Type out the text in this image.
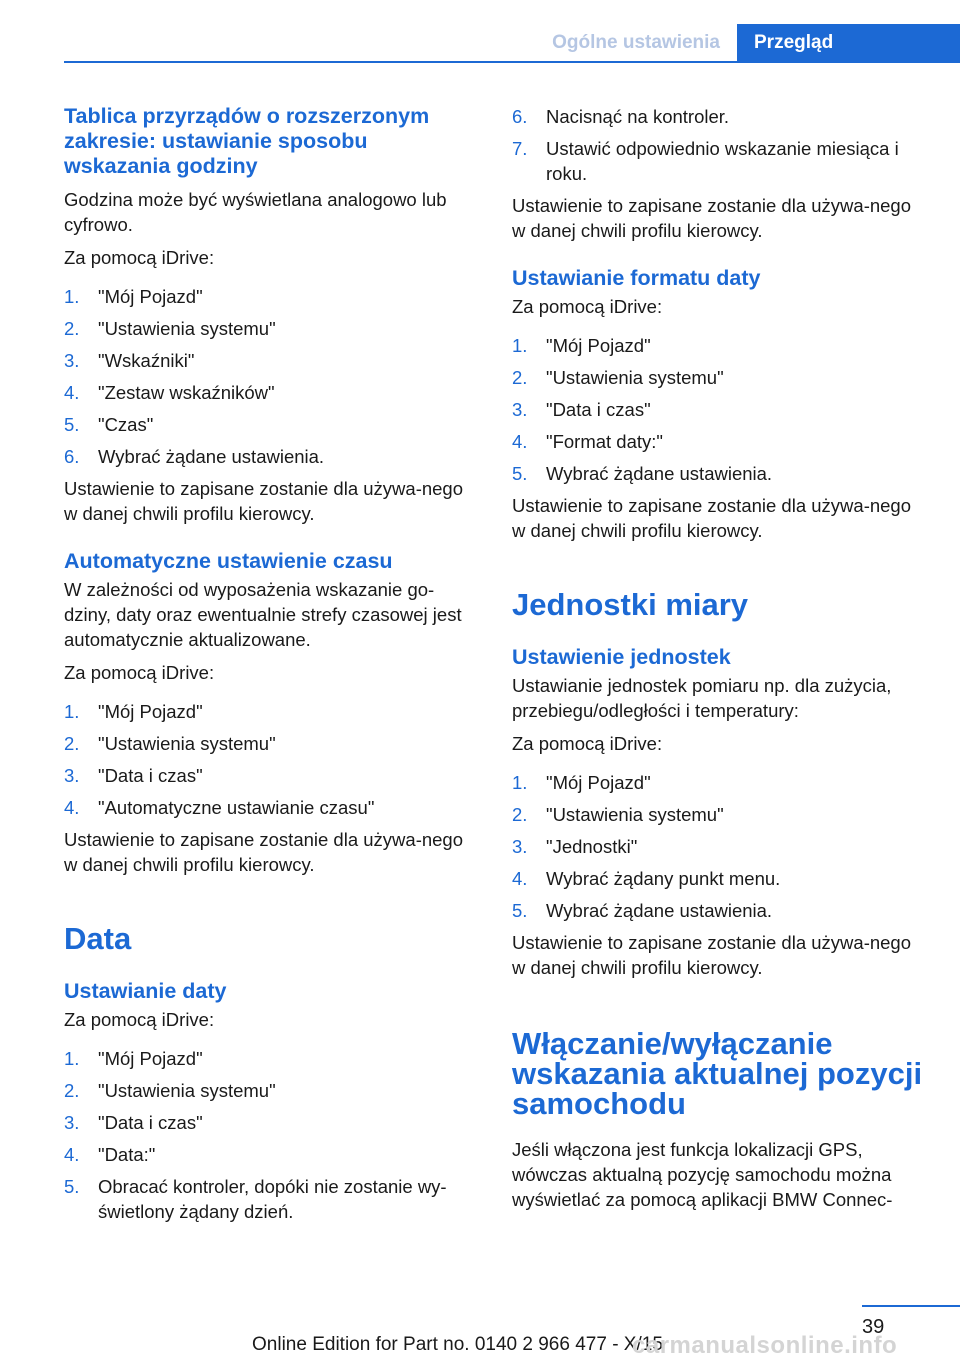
Ogólne ustawienia	Przegląd
Tablica przyrządów o rozszerzonym zakresie: ustawianie sposobu wskazania godziny
Godzina może być wyświetlana analogowo lub cyfrowo.
Za pomocą iDrive:
1. "Mój Pojazd"
2. "Ustawienia systemu"
3. "Wskaźniki"
4. "Zestaw wskaźników"
5. "Czas"
6. Wybrać żądane ustawienia.
Ustawienie to zapisane zostanie dla używa-nego w danej chwili profilu kierowcy.
Automatyczne ustawienie czasu
W zależności od wyposażenia wskazanie go-dziny, daty oraz ewentualnie strefy czasowej jest automatycznie aktualizowane.
Za pomocą iDrive:
1. "Mój Pojazd"
2. "Ustawienia systemu"
3. "Data i czas"
4. "Automatyczne ustawianie czasu"
Ustawienie to zapisane zostanie dla używa-nego w danej chwili profilu kierowcy.
Data
Ustawianie daty
Za pomocą iDrive:
1. "Mój Pojazd"
2. "Ustawienia systemu"
3. "Data i czas"
4. "Data:"
5. Obracać kontroler, dopóki nie zostanie wy-świetlony żądany dzień.
6. Nacisnąć na kontroler.
7. Ustawić odpowiednio wskazanie miesiąca i roku.
Ustawienie to zapisane zostanie dla używa-nego w danej chwili profilu kierowcy.
Ustawianie formatu daty
Za pomocą iDrive:
1. "Mój Pojazd"
2. "Ustawienia systemu"
3. "Data i czas"
4. "Format daty:"
5. Wybrać żądane ustawienia.
Ustawienie to zapisane zostanie dla używa-nego w danej chwili profilu kierowcy.
Jednostki miary
Ustawienie jednostek
Ustawianie jednostek pomiaru np. dla zużycia, przebiegu/odległości i temperatury:
Za pomocą iDrive:
1. "Mój Pojazd"
2. "Ustawienia systemu"
3. "Jednostki"
4. Wybrać żądany punkt menu.
5. Wybrać żądane ustawienia.
Ustawienie to zapisane zostanie dla używa-nego w danej chwili profilu kierowcy.
Włączanie/wyłączanie wskazania aktualnej pozycji samochodu
Jeśli włączona jest funkcja lokalizacji GPS, wówczas aktualną pozycję samochodu można wyświetlać za pomocą aplikacji BMW Connec-
39
Online Edition for Part no. 0140 2 966 477 - X/15
carmanualsonline.info
